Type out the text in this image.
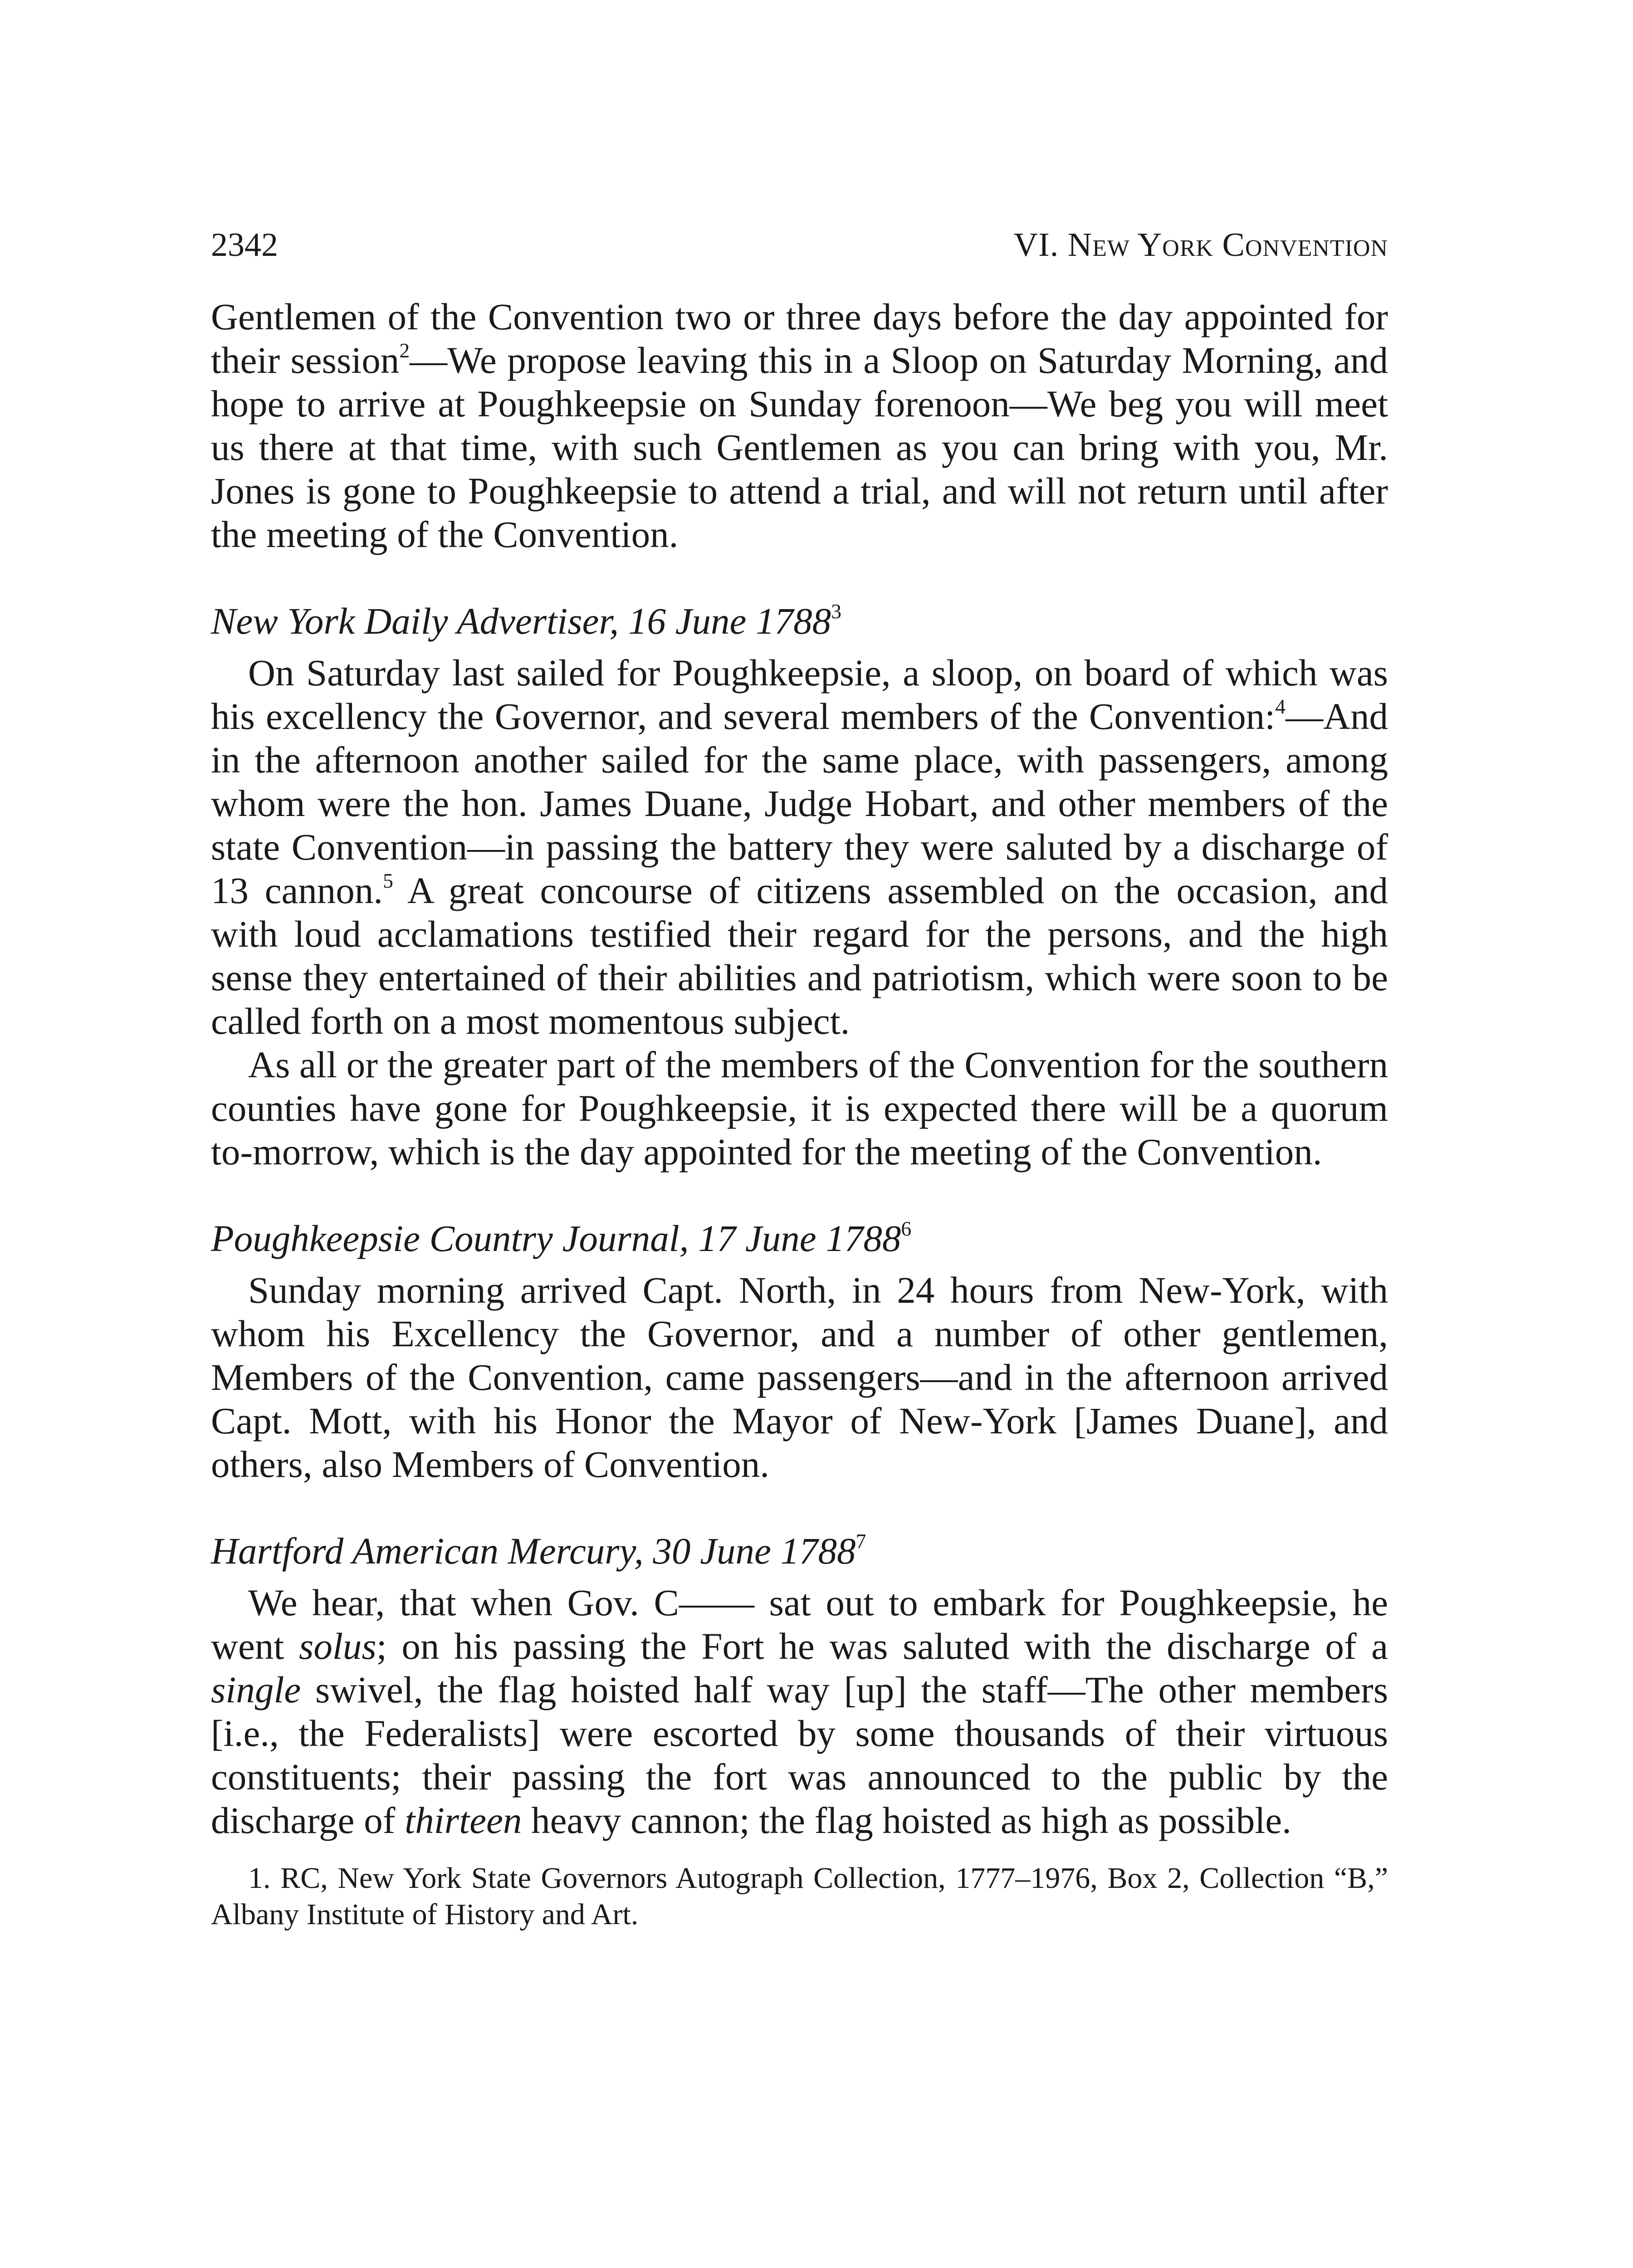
2342	VI. New York Convention

Gentlemen of the Convention two or three days before the day appointed for their session$^2$—We propose leaving this in a Sloop on Saturday Morning, and hope to arrive at Poughkeepsie on Sunday forenoon—We beg you will meet us there at that time, with such Gentlemen as you can bring with you, Mr. Jones is gone to Poughkeepsie to attend a trial, and will not return until after the meeting of the Convention.

New York Daily Advertiser, 16 June 1788$^3$

On Saturday last sailed for Poughkeepsie, a sloop, on board of which was his excellency the Governor, and several members of the Convention:$^4$—And in the afternoon another sailed for the same place, with passengers, among whom were the hon. James Duane, Judge Hobart, and other members of the state Convention—in passing the battery they were saluted by a discharge of 13 cannon.$^5$ A great concourse of citizens assembled on the occasion, and with loud acclamations testified their regard for the persons, and the high sense they entertained of their abilities and patriotism, which were soon to be called forth on a most momentous subject.

As all or the greater part of the members of the Convention for the southern counties have gone for Poughkeepsie, it is expected there will be a quorum to-morrow, which is the day appointed for the meeting of the Convention.

Poughkeepsie Country Journal, 17 June 1788$^6$

Sunday morning arrived Capt. North, in 24 hours from New-York, with whom his Excellency the Governor, and a number of other gentlemen, Members of the Convention, came passengers—and in the afternoon arrived Capt. Mott, with his Honor the Mayor of New-York [James Duane], and others, also Members of Convention.

Hartford American Mercury, 30 June 1788$^7$

We hear, that when Gov. C—— sat out to embark for Poughkeepsie, he went solus; on his passing the Fort he was saluted with the discharge of a single swivel, the flag hoisted half way [up] the staff—The other members [i.e., the Federalists] were escorted by some thousands of their virtuous constituents; their passing the fort was announced to the public by the discharge of thirteen heavy cannon; the flag hoisted as high as possible.

1. RC, New York State Governors Autograph Collection, 1777–1976, Box 2, Collection “B,” Albany Institute of History and Art.
